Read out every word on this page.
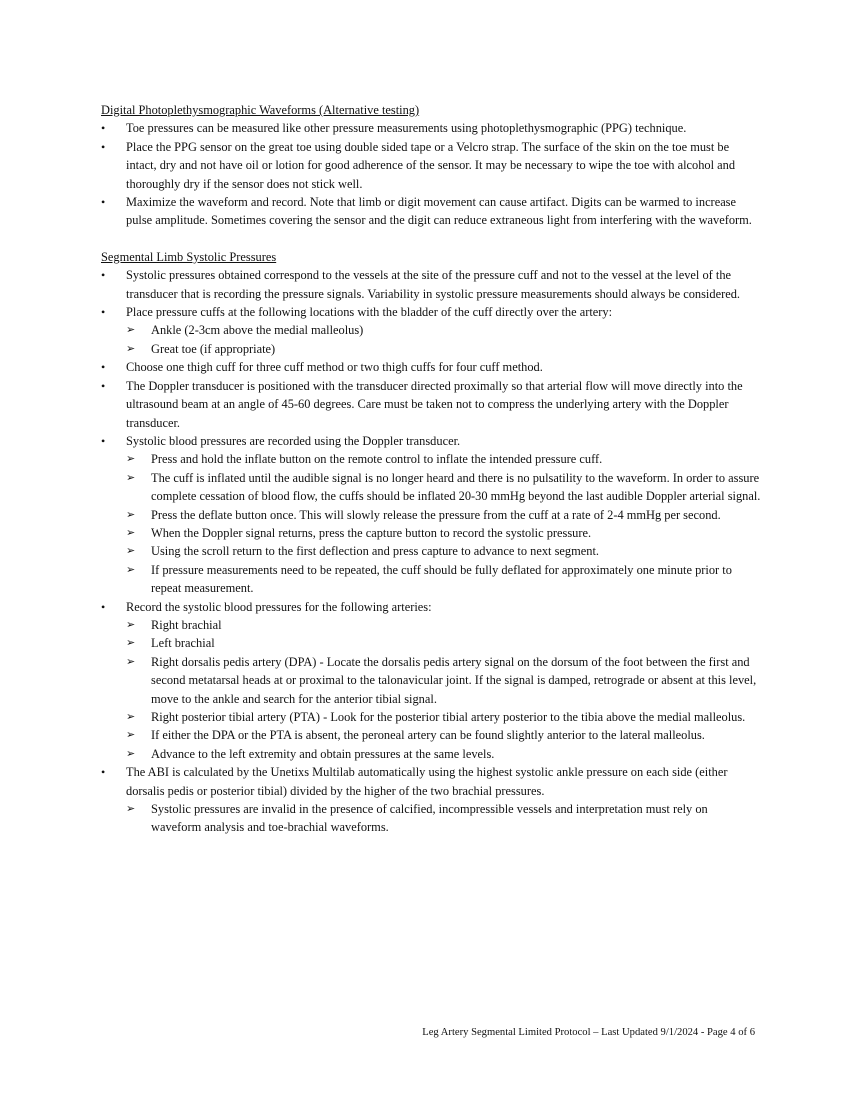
Digital Photoplethysmographic Waveforms (Alternative testing)

• Toe pressures can be measured like other pressure measurements using photoplethysmographic (PPG) technique.
• Place the PPG sensor on the great toe using double sided tape or a Velcro strap. The surface of the skin on the toe must be intact, dry and not have oil or lotion for good adherence of the sensor. It may be necessary to wipe the toe with alcohol and thoroughly dry if the sensor does not stick well.
• Maximize the waveform and record. Note that limb or digit movement can cause artifact. Digits can be warmed to increase pulse amplitude. Sometimes covering the sensor and the digit can reduce extraneous light from interfering with the waveform.

Segmental Limb Systolic Pressures

• Systolic pressures obtained correspond to the vessels at the site of the pressure cuff and not to the vessel at the level of the transducer that is recording the pressure signals. Variability in systolic pressure measurements should always be considered.
• Place pressure cuffs at the following locations with the bladder of the cuff directly over the artery:
➢ Ankle (2-3cm above the medial malleolus)
➢ Great toe (if appropriate)
• Choose one thigh cuff for three cuff method or two thigh cuffs for four cuff method.
• The Doppler transducer is positioned with the transducer directed proximally so that arterial flow will move directly into the ultrasound beam at an angle of 45-60 degrees. Care must be taken not to compress the underlying artery with the Doppler transducer.
• Systolic blood pressures are recorded using the Doppler transducer.
➢ Press and hold the inflate button on the remote control to inflate the intended pressure cuff.
➢ The cuff is inflated until the audible signal is no longer heard and there is no pulsatility to the waveform. In order to assure complete cessation of blood flow, the cuffs should be inflated 20-30 mmHg beyond the last audible Doppler arterial signal.
➢ Press the deflate button once. This will slowly release the pressure from the cuff at a rate of 2-4 mmHg per second.
➢ When the Doppler signal returns, press the capture button to record the systolic pressure.
➢ Using the scroll return to the first deflection and press capture to advance to next segment.
➢ If pressure measurements need to be repeated, the cuff should be fully deflated for approximately one minute prior to repeat measurement.
• Record the systolic blood pressures for the following arteries:
➢ Right brachial
➢ Left brachial
➢ Right dorsalis pedis artery (DPA) - Locate the dorsalis pedis artery signal on the dorsum of the foot between the first and second metatarsal heads at or proximal to the talonavicular joint. If the signal is damped, retrograde or absent at this level, move to the ankle and search for the anterior tibial signal.
➢ Right posterior tibial artery (PTA) - Look for the posterior tibial artery posterior to the tibia above the medial malleolus.
➢ If either the DPA or the PTA is absent, the peroneal artery can be found slightly anterior to the lateral malleolus.
➢ Advance to the left extremity and obtain pressures at the same levels.
• The ABI is calculated by the Unetixs Multilab automatically using the highest systolic ankle pressure on each side (either dorsalis pedis or posterior tibial) divided by the higher of the two brachial pressures.
➢ Systolic pressures are invalid in the presence of calcified, incompressible vessels and interpretation must rely on waveform analysis and toe-brachial waveforms.
Leg Artery Segmental Limited Protocol – Last Updated 9/1/2024 - Page 4 of 6
